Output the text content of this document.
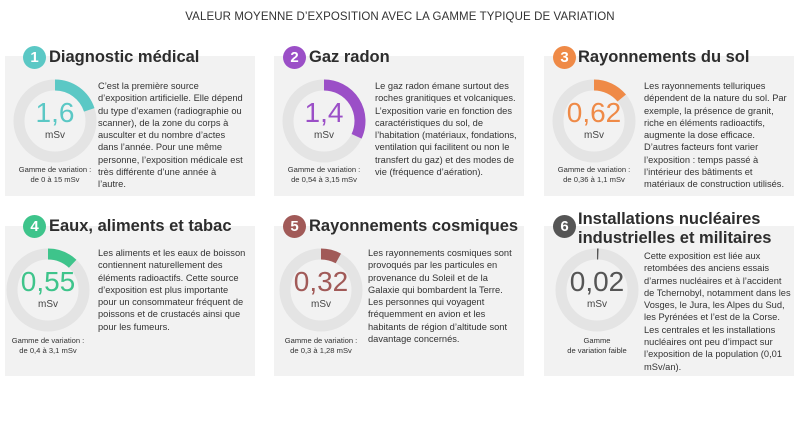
VALEUR MOYENNE D’EXPOSITION AVEC LA GAMME TYPIQUE DE VARIATION
1 Diagnostic médical
1,6
mSv
Gamme de variation :
de 0 à 15 mSv
C’est la première source d’exposition artificielle. Elle dépend du type d’examen (radiographie ou scanner), de la zone du corps à ausculter et du nombre d’actes dans l’année. Pour une même personne, l’exposition médicale est très différente d’une année à l’autre.
2 Gaz radon
1,4
mSv
Gamme de variation :
de 0,54 à 3,15 mSv
Le gaz radon émane surtout des roches granitiques et volcaniques. L’exposition varie en fonction des caractéristiques du sol, de l’habitation (matériaux, fondations, ventilation qui facilitent ou non le transfert du gaz) et des modes de vie (fréquence d’aération).
3 Rayonnements du sol
0,62
mSv
Gamme de variation :
de 0,36 à 1,1 mSv
Les rayonnements telluriques dépendent de la nature du sol. Par exemple, la présence de granit, riche en éléments radioactifs, augmente la dose efficace. D’autres facteurs font varier l’exposition : temps passé à l’intérieur des bâtiments et matériaux de construction utilisés.
4 Eaux, aliments et tabac
0,55
mSv
Gamme de variation :
de 0,4 à 3,1 mSv
Les aliments et les eaux de boisson contiennent naturellement des éléments radioactifs. Cette source d’exposition est plus importante pour un consommateur fréquent de poissons et de crustacés ainsi que pour les fumeurs.
5 Rayonnements cosmiques
0,32
mSv
Gamme de variation :
de 0,3 à 1,28 mSv
Les rayonnements cosmiques sont provoqués par les particules en provenance du Soleil et de la Galaxie qui bombardent la Terre. Les personnes qui voyagent fréquemment en avion et les habitants de région d’altitude sont davantage concernés.
6 Installations nucléaires industrielles et militaires
0,02
mSv
Gamme
de variation faible
Cette exposition est liée aux retombées des anciens essais d’armes nucléaires et à l’accident de Tchernobyl, notamment dans les Vosges, le Jura, les Alpes du Sud, les Pyrénées et l’est de la Corse. Les centrales et les installations nucléaires ont peu d’impact sur l’exposition de la population (0,01 mSv/an).
